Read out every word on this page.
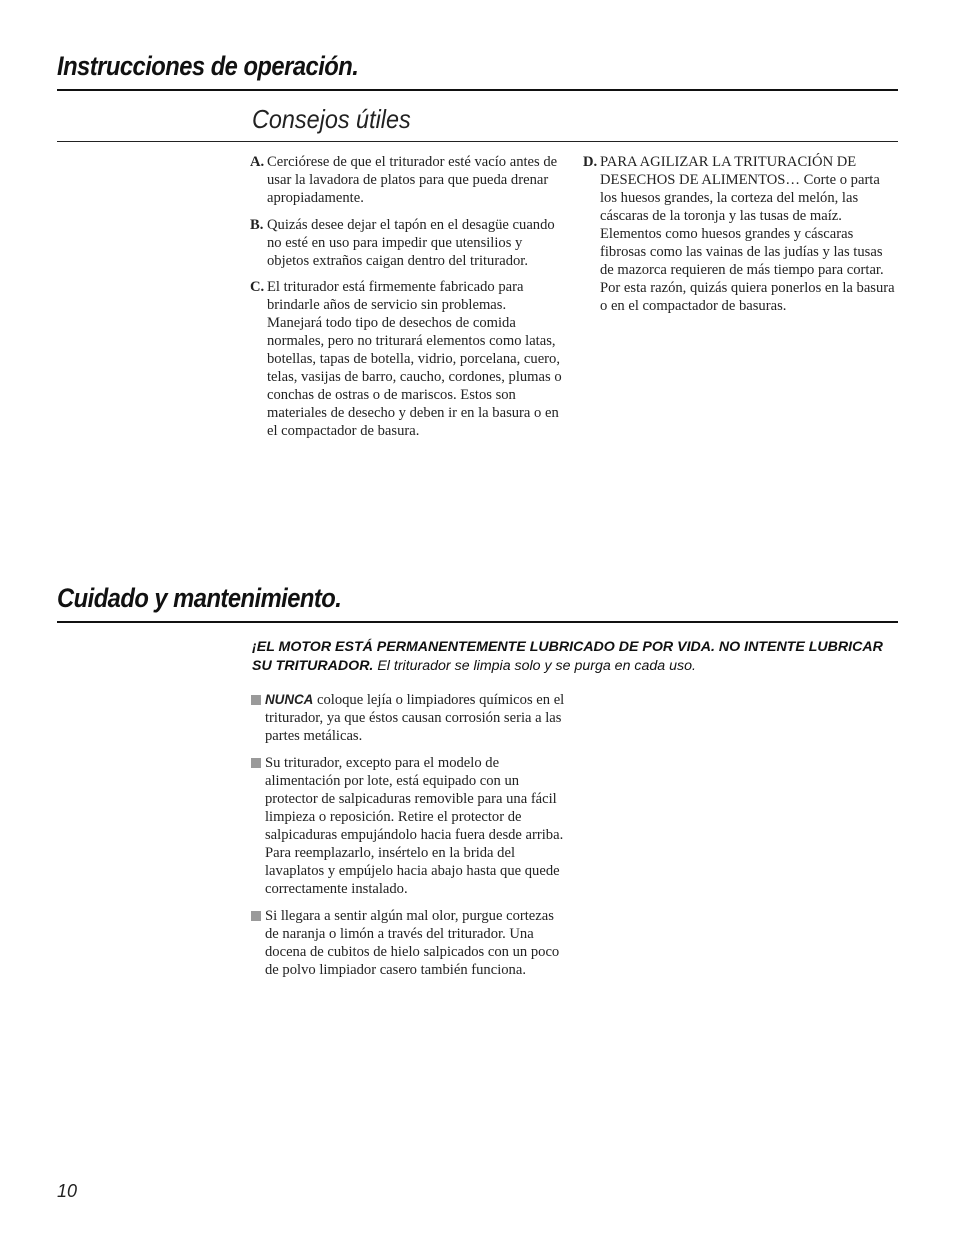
Instrucciones de operación.
Consejos útiles

A. Cerciórese de que el triturador esté vacío antes de usar la lavadora de platos para que pueda drenar apropiadamente.

B. Quizás desee dejar el tapón en el desagüe cuando no esté en uso para impedir que utensilios y objetos extraños caigan dentro del triturador.

C. El triturador está firmemente fabricado para brindarle años de servicio sin problemas. Manejará todo tipo de desechos de comida normales, pero no triturará elementos como latas, botellas, tapas de botella, vidrio, porcelana, cuero, telas, vasijas de barro, caucho, cordones, plumas o conchas de ostras o de mariscos. Estos son materiales de desecho y deben ir en la basura o en el compactador de basura.

D. PARA AGILIZAR LA TRITURACIÓN DE DESECHOS DE ALIMENTOS… Corte o parta los huesos grandes, la corteza del melón, las cáscaras de la toronja y las tusas de maíz. Elementos como huesos grandes y cáscaras fibrosas como las vainas de las judías y las tusas de mazorca requieren de más tiempo para cortar. Por esta razón, quizás quiera ponerlos en la basura o en el compactador de basuras.

Cuidado y mantenimiento.
¡EL MOTOR ESTÁ PERMANENTEMENTE LUBRICADO DE POR VIDA. NO INTENTE LUBRICAR SU TRITURADOR. El triturador se limpia solo y se purga en cada uso.

NUNCA coloque lejía o limpiadores químicos en el triturador, ya que éstos causan corrosión seria a las partes metálicas.

Su triturador, excepto para el modelo de alimentación por lote, está equipado con un protector de salpicaduras removible para una fácil limpieza o reposición. Retire el protector de salpicaduras empujándolo hacia fuera desde arriba. Para reemplazarlo, insértelo en la brida del lavaplatos y empújelo hacia abajo hasta que quede correctamente instalado.

Si llegara a sentir algún mal olor, purgue cortezas de naranja o limón a través del triturador. Una docena de cubitos de hielo salpicados con un poco de polvo limpiador casero también funciona.

10
